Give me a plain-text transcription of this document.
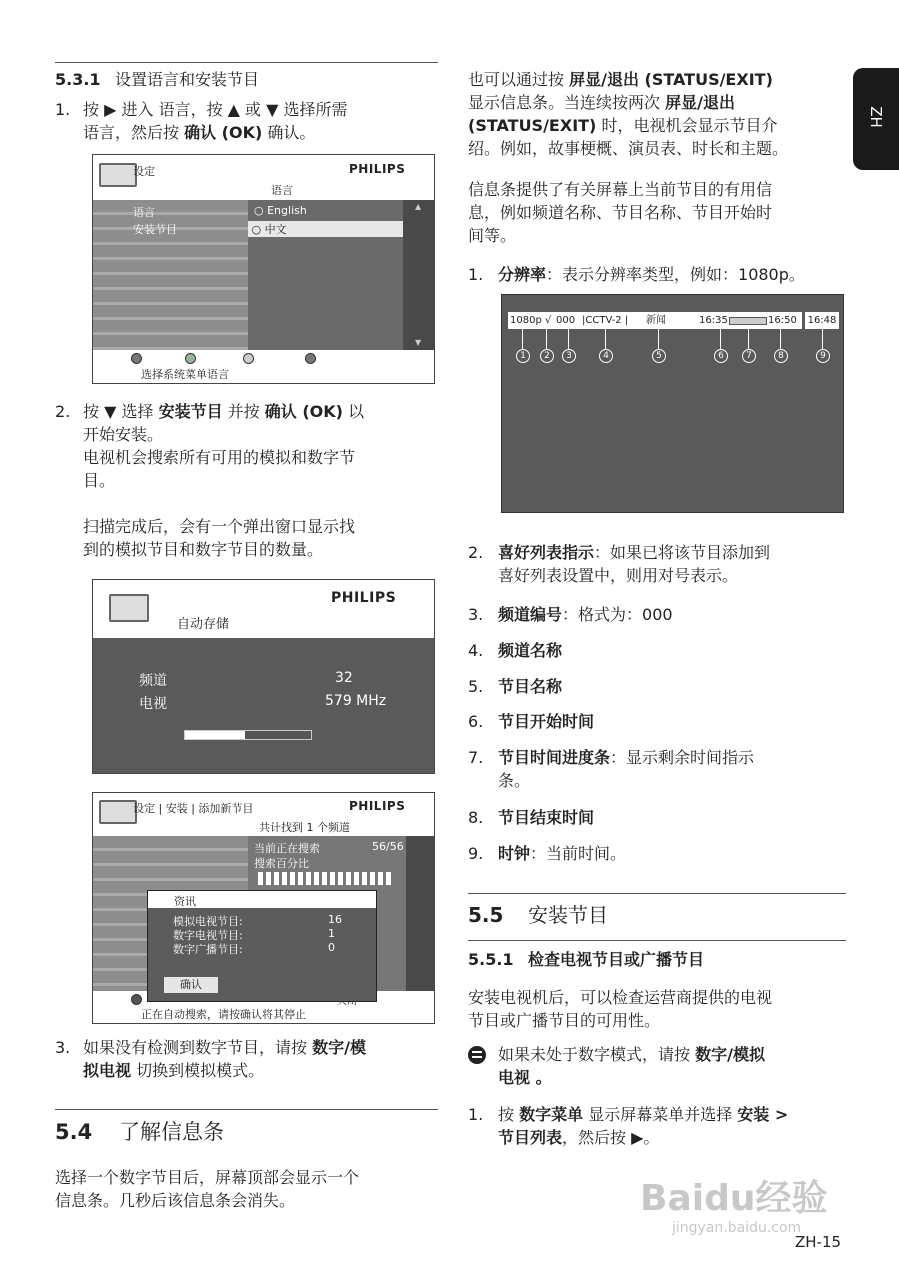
5.3.1 设置语言和安装节目
1. 按 ▶ 进入 语言，按 ▲ 或 ▼ 选择所需
语言，然后按 确认 (OK) 确认。
设定	PHILIPS
语言
语言
安装节目
○ English
○ 中文
▲
▼
选择系统菜单语言
2. 按 ▼ 选择 安装节目 并按 确认 (OK) 以
开始安装。
电视机会搜索所有可用的模拟和数字节
目。

扫描完成后，会有一个弹出窗口显示找
到的模拟节目和数字节目的数量。
PHILIPS
自动存储
频道	32
电视	579 MHz
设定 | 安装 | 添加新节目	PHILIPS
共计找到 1 个频道
当前正在搜索	56/56
搜索百分比
正在自动搜索，请按确认将其停止
资讯
模拟电视节目:	16
数字电视节目:	1
数字广播节目:	0
确认
3. 如果没有检测到数字节目，请按 数字/模
拟电视 切换到模拟模式。
5.4 了解信息条
选择一个数字节目后，屏幕顶部会显示一个
信息条。几秒后该信息条会消失。
也可以通过按 屏显/退出 (STATUS/EXIT)
显示信息条。当连续按两次 屏显/退出
(STATUS/EXIT) 时，电视机会显示节目介
绍。例如，故事梗概、演员表、时长和主题。
信息条提供了有关屏幕上当前节目的有用信
息，例如频道名称、节目名称、节目开始时
间等。
1. 分辨率：表示分辨率类型，例如：1080p。
1080p √ 000 |CCTV-2 | 新闻	16:35	16:50 16:48
1	2	3	4	5	6	7	8	9
2. 喜好列表指示：如果已将该节目添加到
喜好列表设置中，则用对号表示。
3. 频道编号：格式为：000
4. 频道名称
5. 节目名称
6. 节目开始时间
7. 节目时间进度条：显示剩余时间指示
条。
8. 节目结束时间
9. 时钟：当前时间。
5.5 安装节目
5.5.1 检查电视节目或广播节目
安装电视机后，可以检查运营商提供的电视
节目或广播节目的可用性。
如果未处于数字模式，请按 数字/模拟
电视 。
1. 按 数字菜单 显示屏幕菜单并选择 安装 >
节目列表，然后按 ▶。
ZH
Baidu经验
jingyan.baidu.com
ZH-15
